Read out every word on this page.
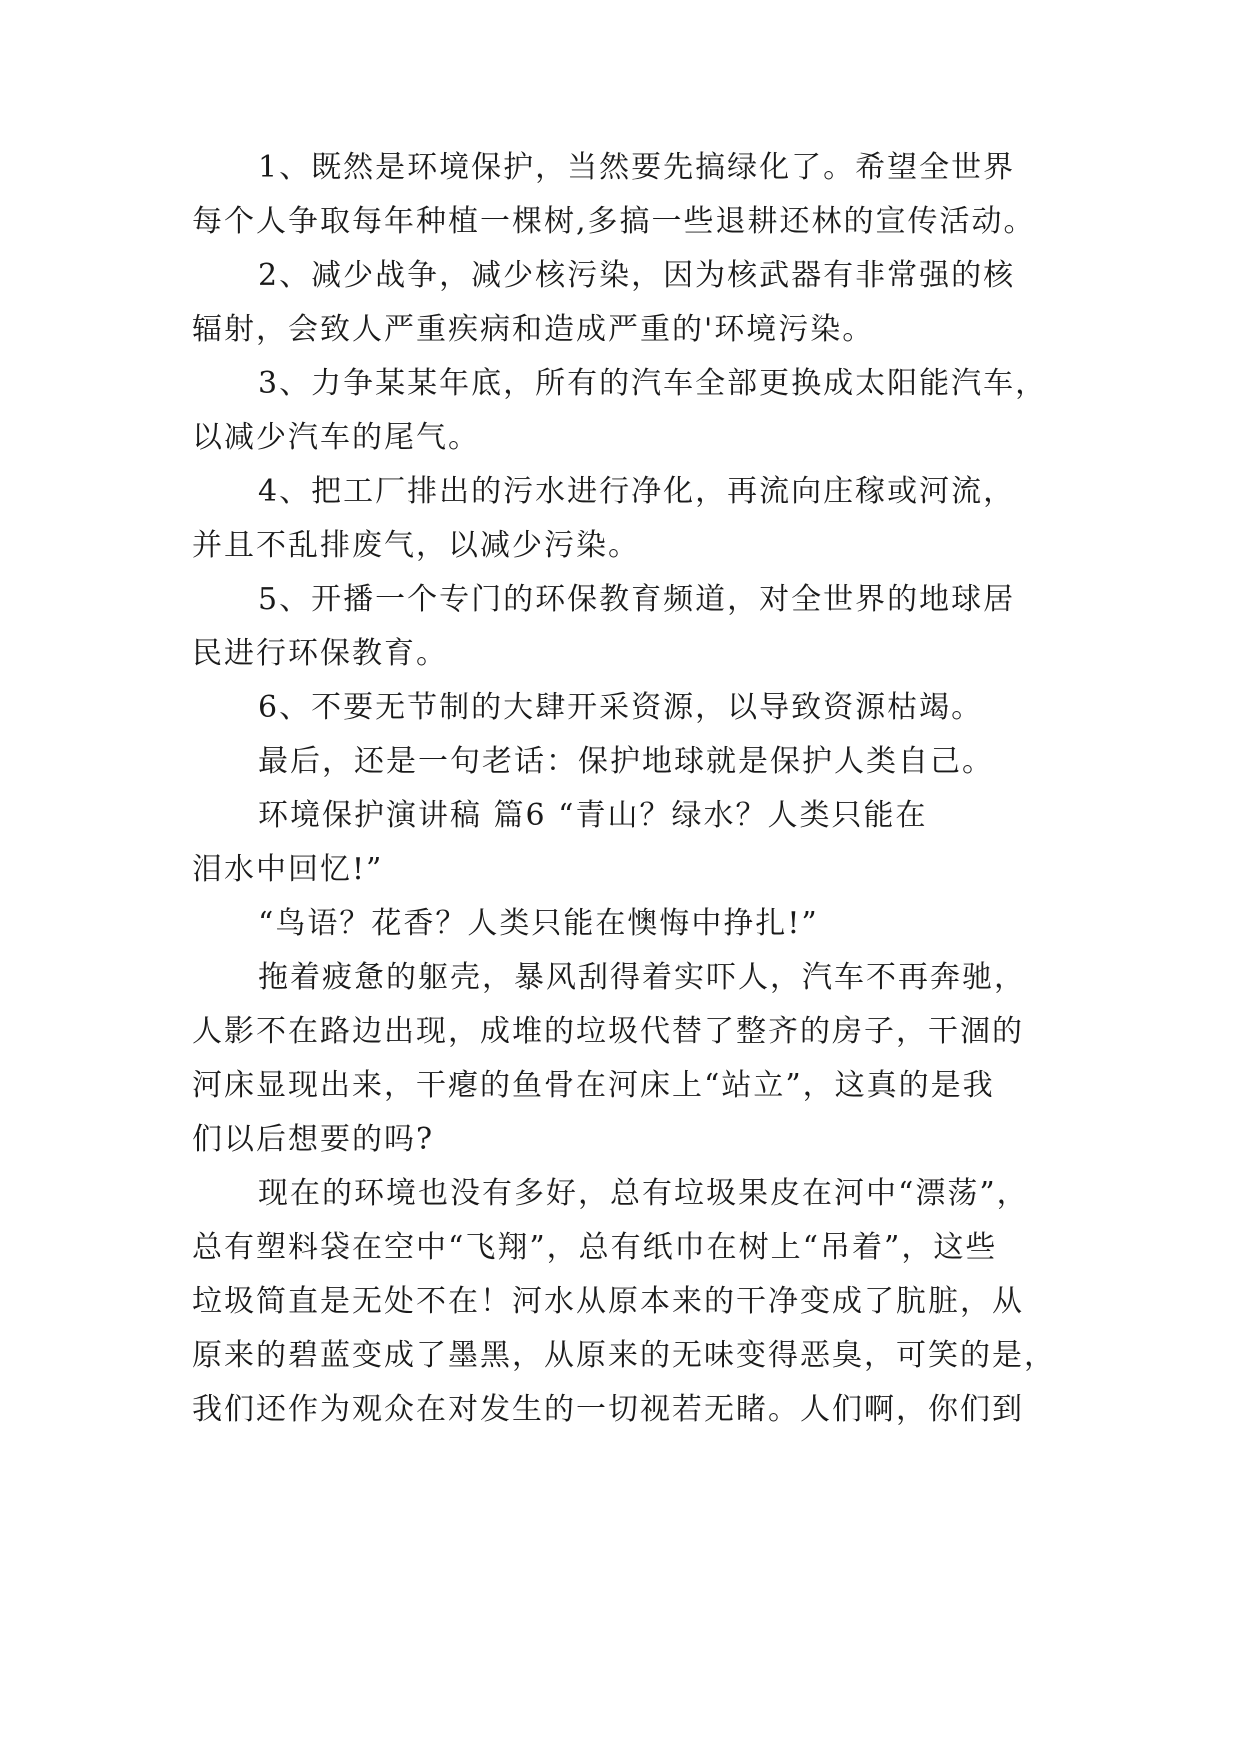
1、既然是环境保护，当然要先搞绿化了。希望全世界
每个人争取每年种植一棵树,多搞一些退耕还林的宣传活动。
2、减少战争，减少核污染，因为核武器有非常强的核
辐射，会致人严重疾病和造成严重的'环境污染。
3、力争某某年底，所有的汽车全部更换成太阳能汽车，
以减少汽车的尾气。
4、把工厂排出的污水进行净化，再流向庄稼或河流，
并且不乱排废气，以减少污染。
5、开播一个专门的环保教育频道，对全世界的地球居
民进行环保教育。
6、不要无节制的大肆开采资源，以导致资源枯竭。
最后，还是一句老话：保护地球就是保护人类自己。
环境保护演讲稿 篇6 “青山？绿水？人类只能在
泪水中回忆!”
“鸟语？花香？人类只能在懊悔中挣扎!”
拖着疲惫的躯壳，暴风刮得着实吓人，汽车不再奔驰，
人影不在路边出现，成堆的垃圾代替了整齐的房子，干涸的
河床显现出来，干瘪的鱼骨在河床上“站立”，这真的是我
们以后想要的吗?
现在的环境也没有多好，总有垃圾果皮在河中“漂荡”，
总有塑料袋在空中“飞翔”，总有纸巾在树上“吊着”，这些
垃圾简直是无处不在！河水从原本来的干净变成了肮脏，从
原来的碧蓝变成了墨黑，从原来的无味变得恶臭，可笑的是，
我们还作为观众在对发生的一切视若无睹。人们啊，你们到
